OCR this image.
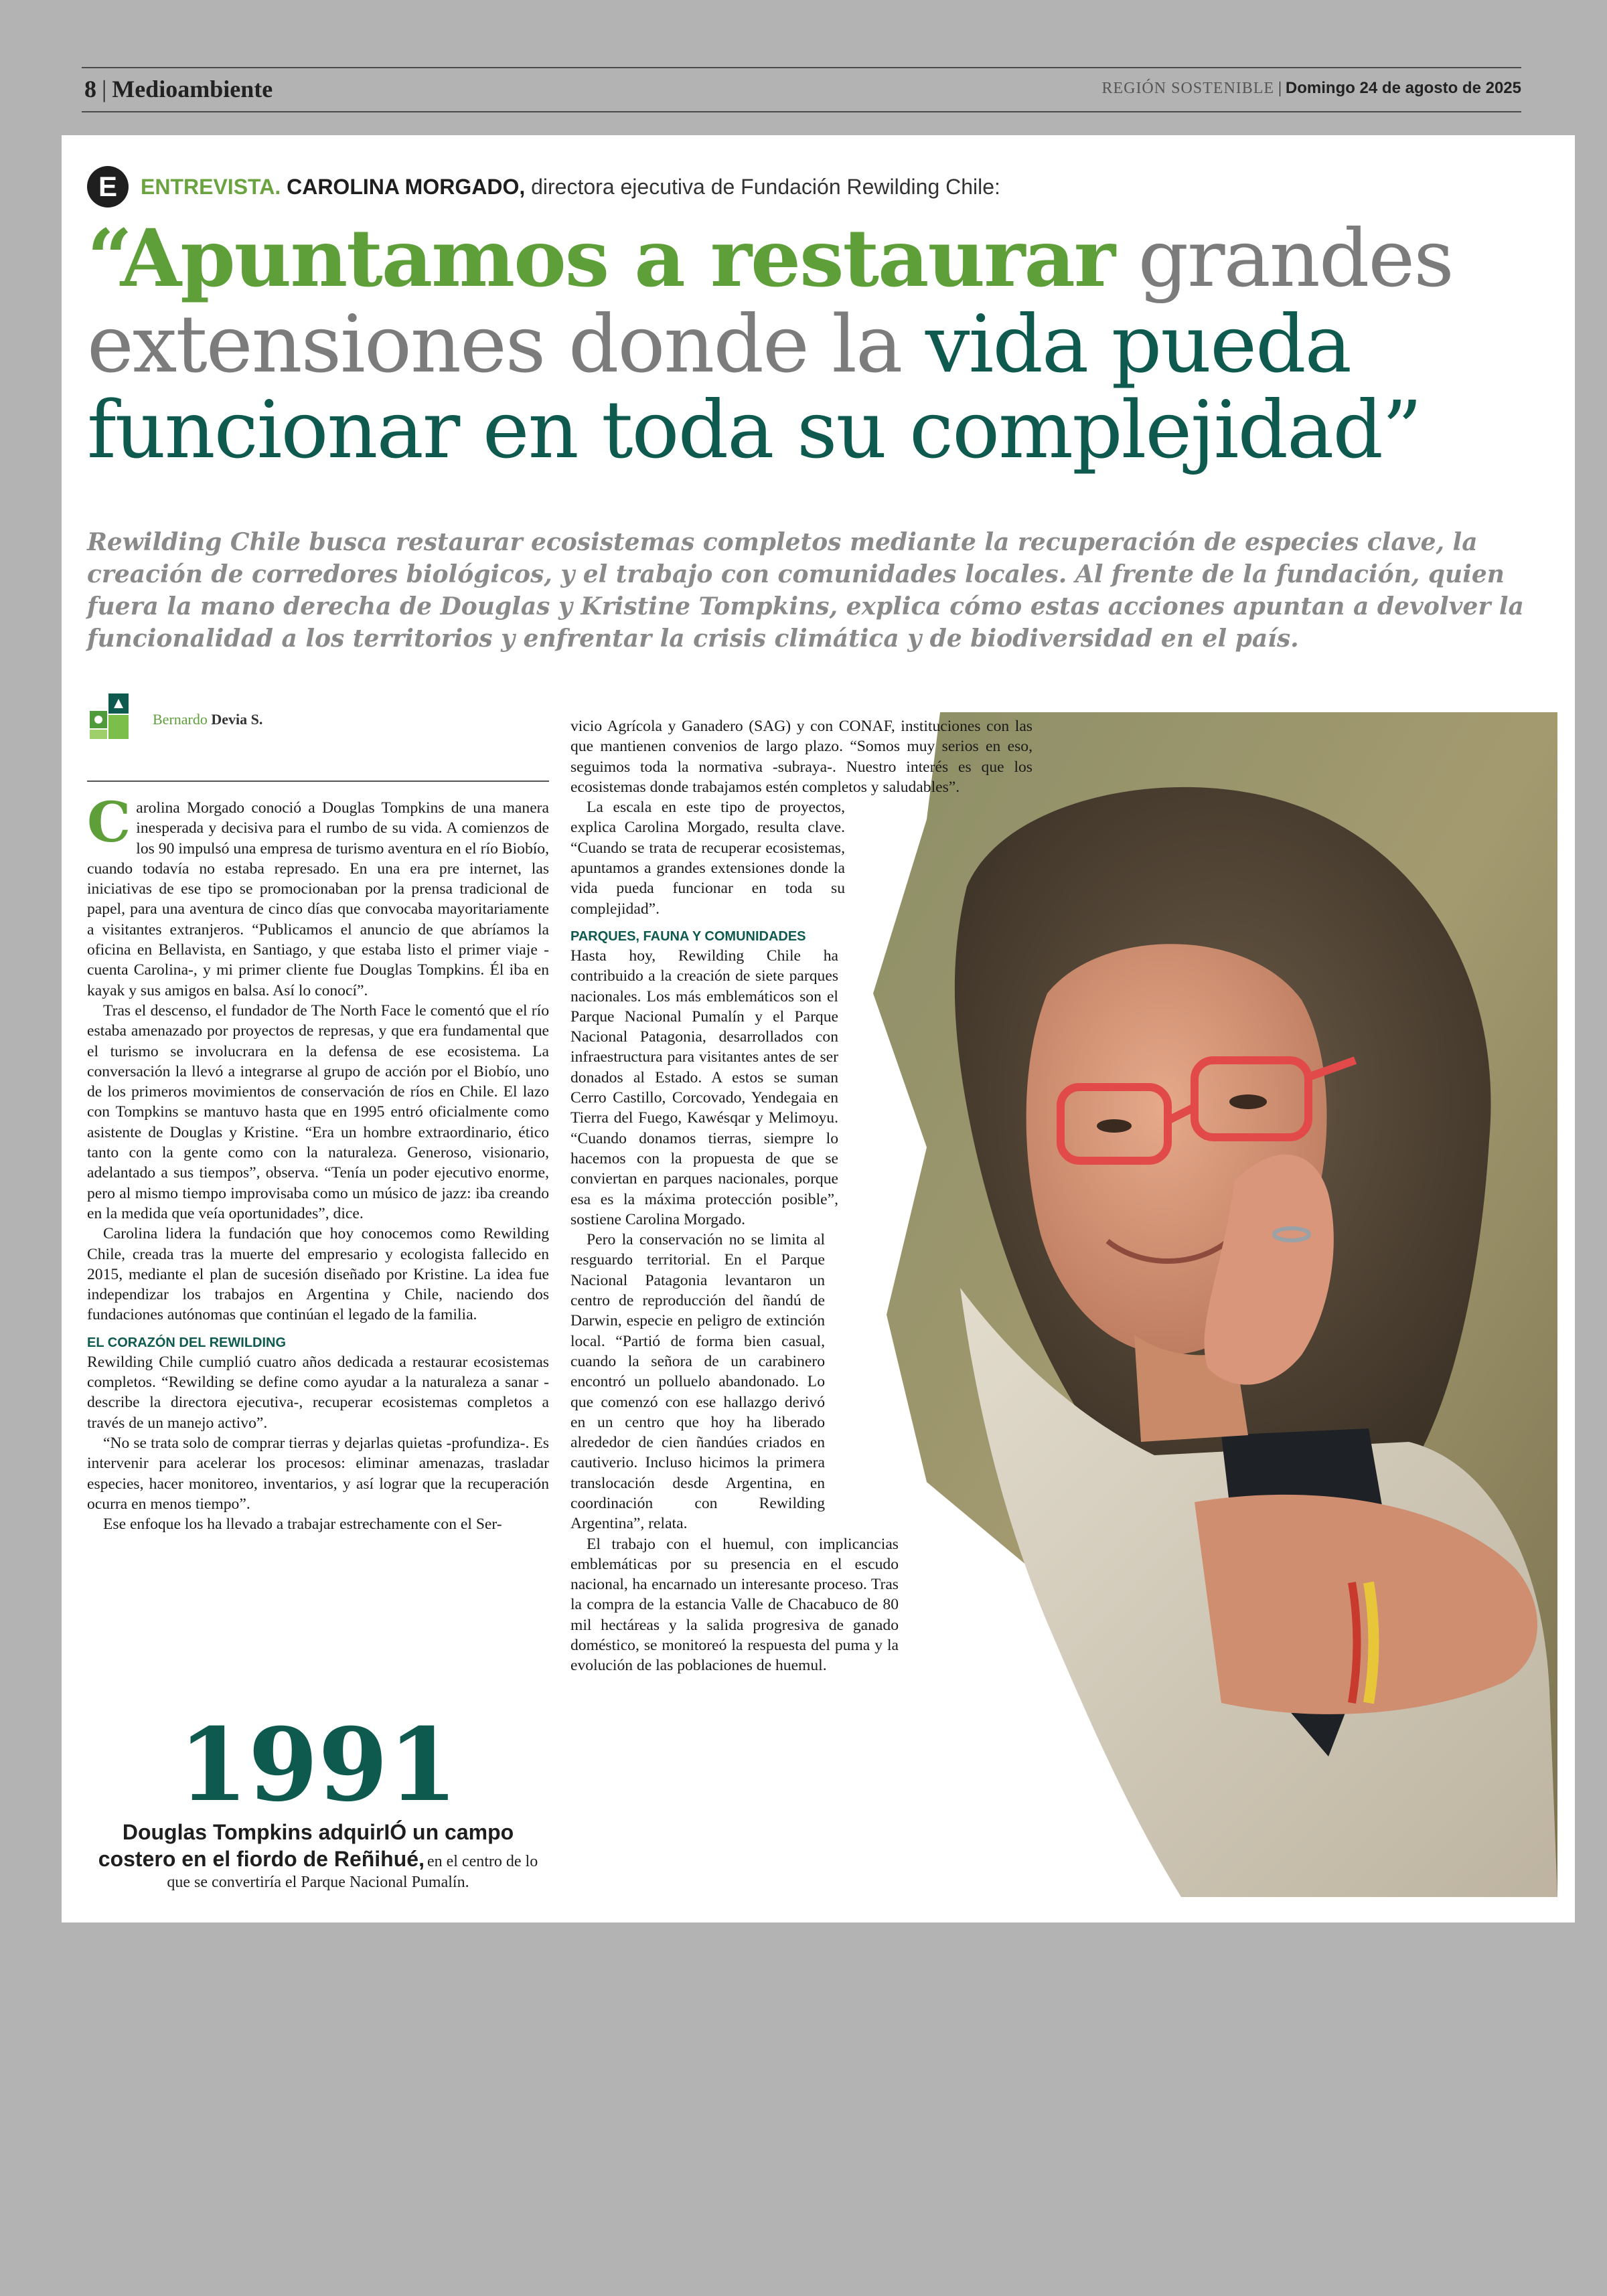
8 | Medioambiente	REGIÓN SOSTENIBLE | Domingo 24 de agosto de 2025
E	ENTREVISTA. CAROLINA MORGADO, directora ejecutiva de Fundación Rewilding Chile:
“Apuntamos a restaurar grandes extensiones donde la vida pueda funcionar en toda su complejidad”
Rewilding Chile busca restaurar ecosistemas completos mediante la recuperación de especies clave, la creación de corredores biológicos, y el trabajo con comunidades locales. Al frente de la fundación, quien fuera la mano derecha de Douglas y Kristine Tompkins, explica cómo estas acciones apuntan a devolver la funcionalidad a los territorios y enfrentar la crisis climática y de biodiversidad en el país.
Bernardo Devia S.

Carolina Morgado conoció a Douglas Tompkins de una manera inesperada y decisiva para el rumbo de su vida. A comienzos de los 90 impulsó una empresa de turismo aventura en el río Biobío, cuando todavía no estaba represado. En una era pre internet, las iniciativas de ese tipo se promocionaban por la prensa tradicional de papel, para una aventura de cinco días que convocaba mayoritariamente a visitantes extranjeros. “Publicamos el anuncio de que abríamos la oficina en Bellavista, en Santiago, y que estaba listo el primer viaje -cuenta Carolina-, y mi primer cliente fue Douglas Tompkins. Él iba en kayak y sus amigos en balsa. Así lo conocí”.

Tras el descenso, el fundador de The North Face le comentó que el río estaba amenazado por proyectos de represas, y que era fundamental que el turismo se involucrara en la defensa de ese ecosistema. La conversación la llevó a integrarse al grupo de acción por el Biobío, uno de los primeros movimientos de conservación de ríos en Chile. El lazo con Tompkins se mantuvo hasta que en 1995 entró oficialmente como asistente de Douglas y Kristine. “Era un hombre extraordinario, ético tanto con la gente como con la naturaleza. Generoso, visionario, adelantado a sus tiempos”, observa. “Tenía un poder ejecutivo enorme, pero al mismo tiempo improvisaba como un músico de jazz: iba creando en la medida que veía oportunidades”, dice.

Carolina lidera la fundación que hoy conocemos como Rewilding Chile, creada tras la muerte del empresario y ecologista fallecido en 2015, mediante el plan de sucesión diseñado por Kristine. La idea fue independizar los trabajos en Argentina y Chile, naciendo dos fundaciones autónomas que continúan el legado de la familia.

EL CORAZÓN DEL REWILDING

Rewilding Chile cumplió cuatro años dedicada a restaurar ecosistemas completos. “Rewilding se define como ayudar a la naturaleza a sanar -describe la directora ejecutiva-, recuperar ecosistemas completos a través de un manejo activo”.

“No se trata solo de comprar tierras y dejarlas quietas -profundiza-. Es intervenir para acelerar los procesos: eliminar amenazas, trasladar especies, hacer monitoreo, inventarios, y así lograr que la recuperación ocurra en menos tiempo”.

Ese enfoque los ha llevado a trabajar estrechamente con el Ser-

1991
Douglas Tompkins adquirIÓ un campo costero en el fiordo de Reñihué, en el centro de lo que se convertiría el Parque Nacional Pumalín.

vicio Agrícola y Ganadero (SAG) y con CONAF, instituciones con las que mantienen convenios de largo plazo. “Somos muy serios en eso, seguimos toda la normativa -subraya-. Nuestro interés es que los ecosistemas donde trabajamos estén completos y saludables”.

La escala en este tipo de proyectos, explica Carolina Morgado, resulta clave. “Cuando se trata de recuperar ecosistemas, apuntamos a grandes extensiones donde la vida pueda funcionar en toda su complejidad”.

PARQUES, FAUNA Y COMUNIDADES

Hasta hoy, Rewilding Chile ha contribuido a la creación de siete parques nacionales. Los más emblemáticos son el Parque Nacional Pumalín y el Parque Nacional Patagonia, desarrollados con infraestructura para visitantes antes de ser donados al Estado. A estos se suman Cerro Castillo, Corcovado, Yendegaia en Tierra del Fuego, Kawésqar y Melimoyu. “Cuando donamos tierras, siempre lo hacemos con la propuesta de que se conviertan en parques nacionales, porque esa es la máxima protección posible”, sostiene Carolina Morgado.

Pero la conservación no se limita al resguardo territorial. En el Parque Nacional Patagonia levantaron un centro de reproducción del ñandú de Darwin, especie en peligro de extinción local. “Partió de forma bien casual, cuando la señora de un carabinero encontró un polluelo abandonado. Lo que comenzó con ese hallazgo derivó en un centro que hoy ha liberado alrededor de cien ñandúes criados en cautiverio. Incluso hicimos la primera translocación desde Argentina, en coordinación con Rewilding Argentina”, relata.

El trabajo con el huemul, con implicancias emblemáticas por su presencia en el escudo nacional, ha encarnado un interesante proceso. Tras la compra de la estancia Valle de Chacabuco de 80 mil hectáreas y la salida progresiva de ganado doméstico, se monitoreó la respuesta del puma y la evolución de las poblaciones de huemul.
